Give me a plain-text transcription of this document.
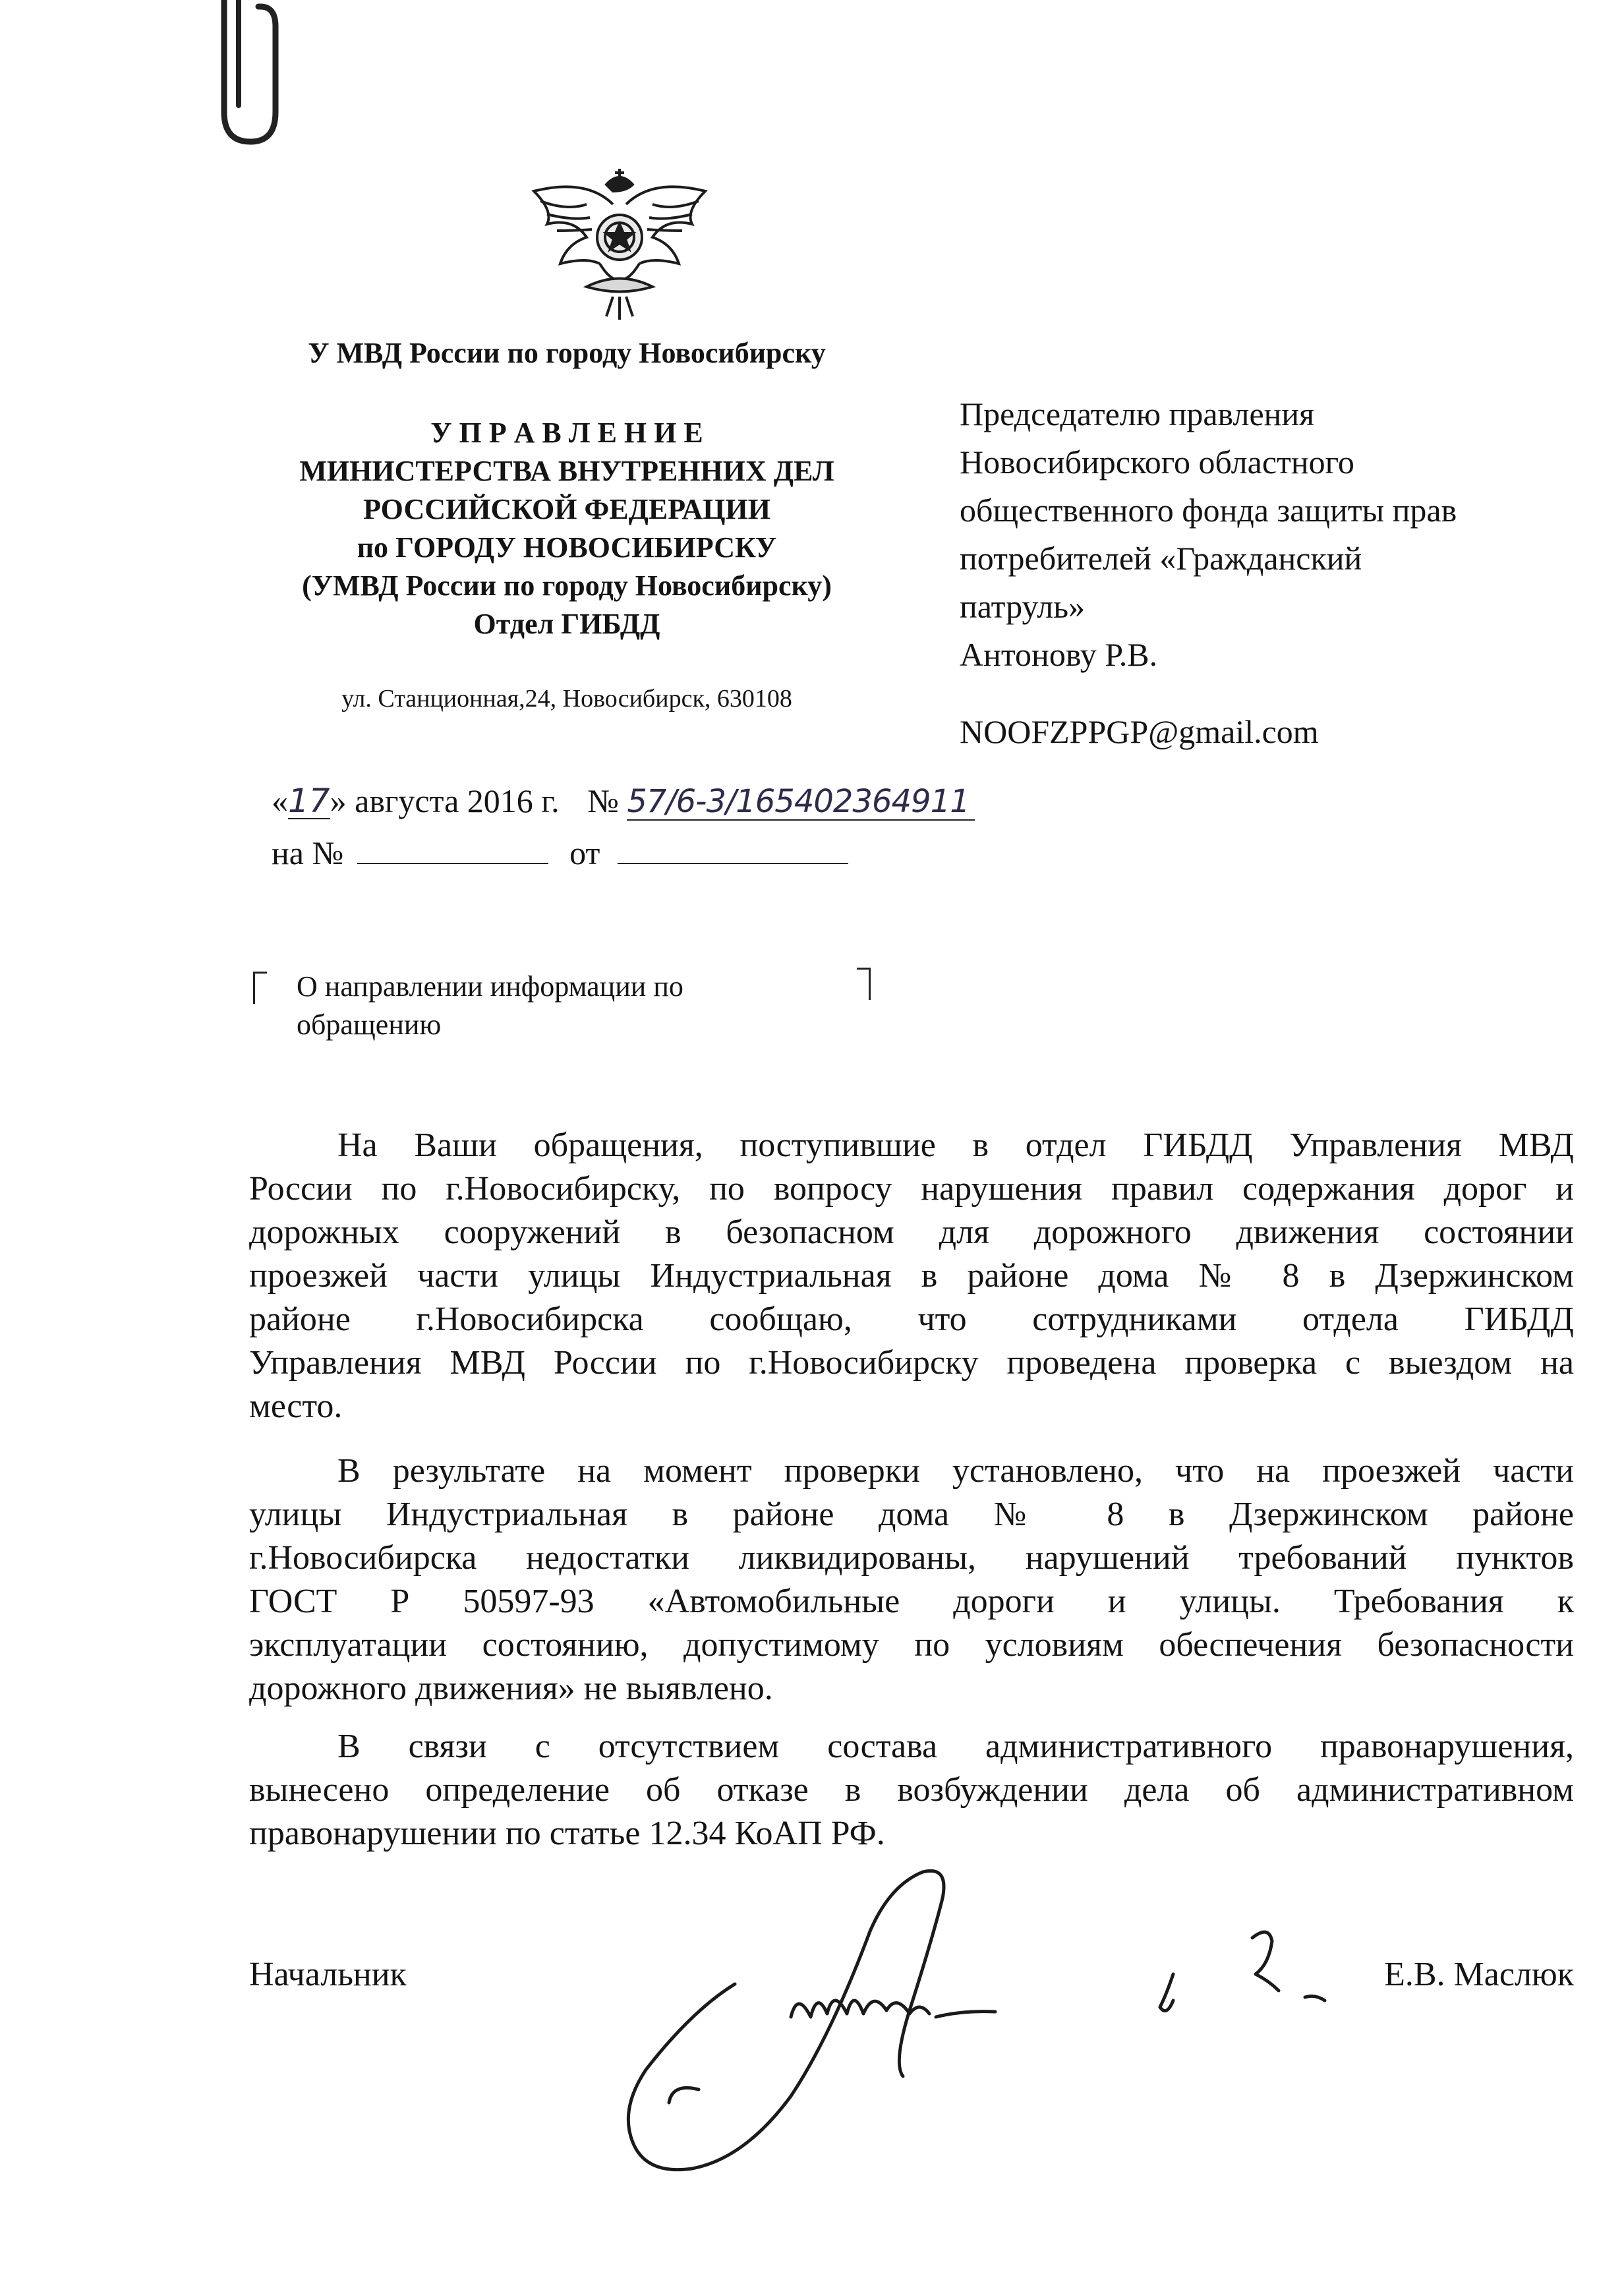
У МВД России по городу Новосибирску
У П Р А В Л Е Н И Е
МИНИСТЕРСТВА ВНУТРЕННИХ ДЕЛ
РОССИЙСКОЙ ФЕДЕРАЦИИ
по ГОРОДУ НОВОСИБИРСКУ
(УМВД России по городу Новосибирску)
Отдел ГИБДД
ул. Станционная,24, Новосибирск, 630108
Председателю правления
Новосибирского областного
общественного фонда защиты прав
потребителей «Гражданский
патруль»
Антонову Р.В.
NOOFZPPGP@gmail.com
«17» августа 2016 г. № 57/6-3/165402364911
на №	от
О направлении информации по
обращению
На Ваши обращения, поступившие в отдел ГИБДД Управления МВД
России по г.Новосибирску, по вопросу нарушения правил содержания дорог и
дорожных сооружений в безопасном для дорожного движения состоянии
проезжей части улицы Индустриальная в районе дома № 8 в Дзержинском
районе г.Новосибирска сообщаю, что сотрудниками отдела ГИБДД
Управления МВД России по г.Новосибирску проведена проверка с выездом на
место.
В результате на момент проверки установлено, что на проезжей части
улицы Индустриальная в районе дома № 8 в Дзержинском районе
г.Новосибирска недостатки ликвидированы, нарушений требований пунктов
ГОСТ Р 50597-93 «Автомобильные дороги и улицы. Требования к
эксплуатации состоянию, допустимому по условиям обеспечения безопасности
дорожного движения» не выявлено.
В связи с отсутствием состава административного правонарушения,
вынесено определение об отказе в возбуждении дела об административном
правонарушении по статье 12.34 КоАП РФ.
Начальник	Е.В. Маслюк
